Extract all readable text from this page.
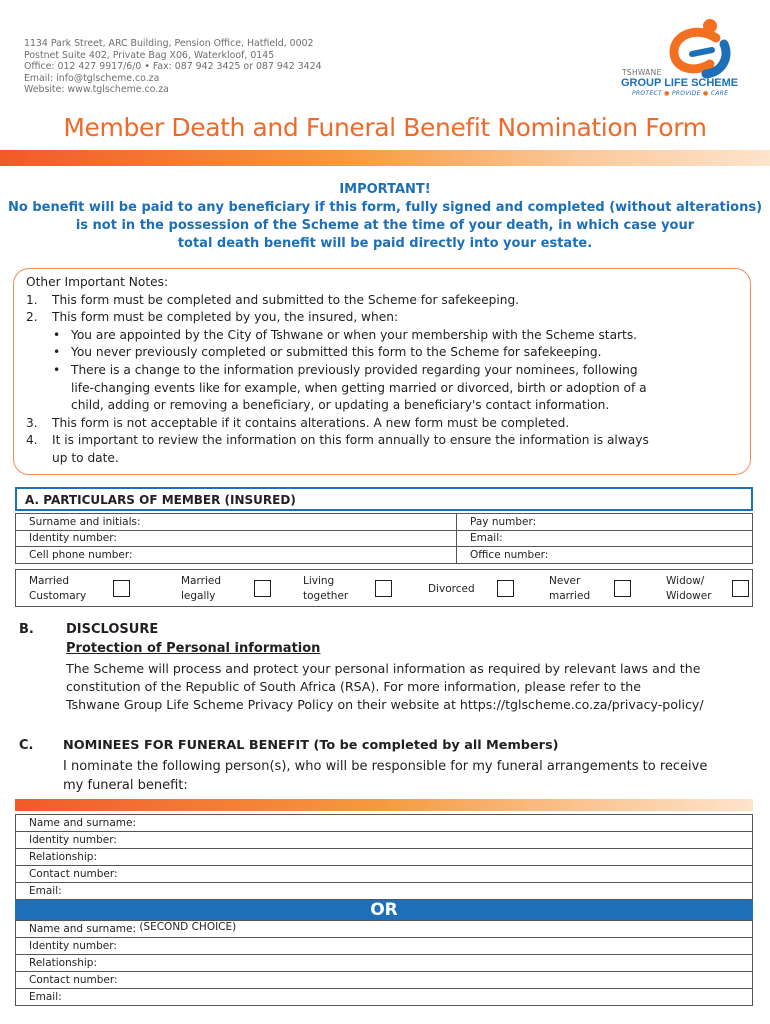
1134 Park Street, ARC Building, Pension Office, Hatfield, 0002
Postnet Suite 402, Private Bag X06, Waterkloof, 0145
Office: 012 427 9917/6/0 • Fax: 087 942 3425 or 087 942 3424
Email: info@tglscheme.co.za
Website: www.tglscheme.co.za
TSHWANE
GROUP LIFE SCHEME
PROTECT ● PROVIDE ● CARE
Member Death and Funeral Benefit Nomination Form
IMPORTANT!
No benefit will be paid to any beneficiary if this form, fully signed and completed (without alterations)
is not in the possession of the Scheme at the time of your death, in which case your
total death benefit will be paid directly into your estate.
Other Important Notes:
1. This form must be completed and submitted to the Scheme for safekeeping.
2. This form must be completed by you, the insured, when:
• You are appointed by the City of Tshwane or when your membership with the Scheme starts.
• You never previously completed or submitted this form to the Scheme for safekeeping.
• There is a change to the information previously provided regarding your nominees, following
life-changing events like for example, when getting married or divorced, birth or adoption of a
child, adding or removing a beneficiary, or updating a beneficiary's contact information.
3. This form is not acceptable if it contains alterations. A new form must be completed.
4. It is important to review the information on this form annually to ensure the information is always
up to date.
A. PARTICULARS OF MEMBER (INSURED)
Surname and initials:	Pay number:
Identity number:	Email:
Cell phone number:	Office number:
Married
Customary
Married
legally
Living
together
Divorced
Never
married
Widow/
Widower
B. DISCLOSURE
Protection of Personal information
The Scheme will process and protect your personal information as required by relevant laws and the
constitution of the Republic of South Africa (RSA). For more information, please refer to the
Tshwane Group Life Scheme Privacy Policy on their website at https://tglscheme.co.za/privacy-policy/
C. NOMINEES FOR FUNERAL BENEFIT (To be completed by all Members)
I nominate the following person(s), who will be responsible for my funeral arrangements to receive
my funeral benefit:
Name and surname:
Identity number:
Relationship:
Contact number:
Email:
OR
Name and surname: (SECOND CHOICE)
Identity number:
Relationship:
Contact number:
Email:
